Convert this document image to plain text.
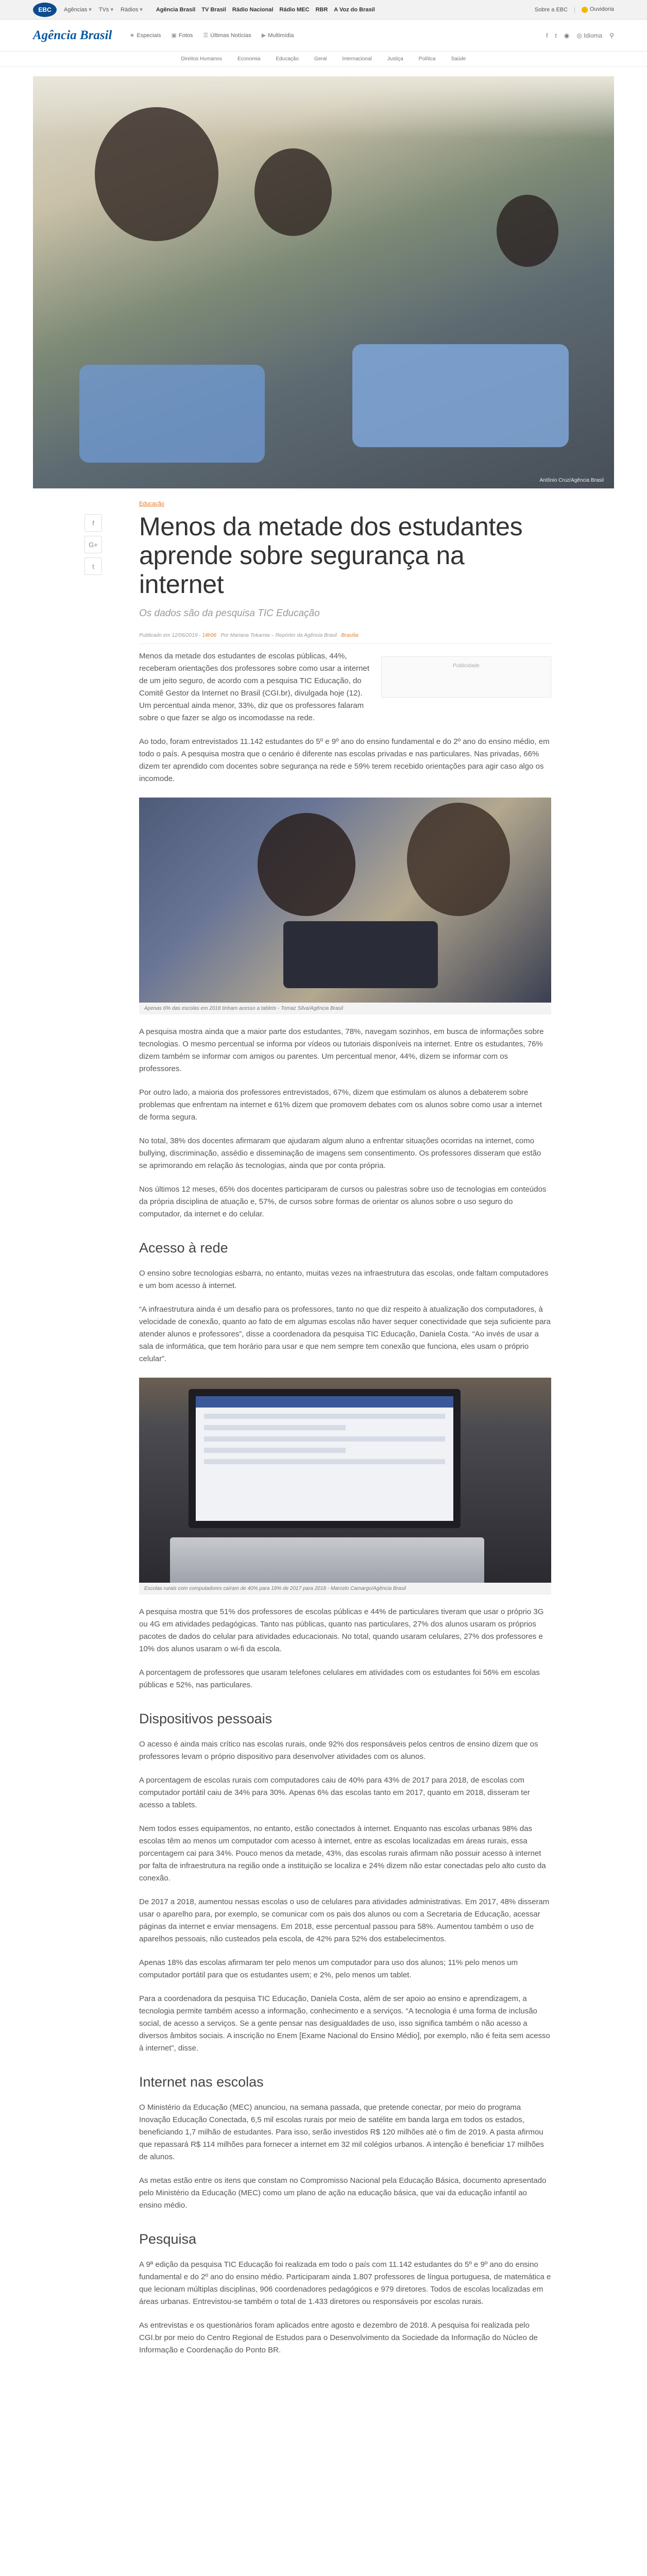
EBC	Agências ▾	TVs ▾	Rádios ▾	Agência Brasil TV Brasil Rádio Nacional Rádio MEC RBR A Voz do Brasil	Sobre a EBC |	Ouvidoria
Agência Brasil	★ Especiais ▣ Fotos ☰ Últimas Notícias ▶ Multimídia	f t ◉ ◎ Idioma ⚲
Direitos Humanos	Economia	Educação	Geral	Internacional	Justiça	Política	Saúde
Antônio Cruz/Agência Brasil
f
G+
t
Educação
Menos da metade dos estudantes aprende sobre segurança na internet
Os dados são da pesquisa TIC Educação
Publicado em 12/06/2019 - 14h06 Por Mariana Tokarnia – Repórter da Agência Brasil Brasília
Publicidade

Menos da metade dos estudantes de escolas públicas, 44%, receberam orientações dos professores sobre como usar a internet de um jeito seguro, de acordo com a pesquisa TIC Educação, do Comitê Gestor da Internet no Brasil (CGI.br), divulgada hoje (12). Um percentual ainda menor, 33%, diz que os professores falaram sobre o que fazer se algo os incomodasse na rede.

Ao todo, foram entrevistados 11.142 estudantes do 5º e 9º ano do ensino fundamental e do 2º ano do ensino médio, em todo o país. A pesquisa mostra que o cenário é diferente nas escolas privadas e nas particulares. Nas privadas, 66% dizem ter aprendido com docentes sobre segurança na rede e 59% terem recebido orientações para agir caso algo os incomode.

Apenas 6% das escolas em 2018 tinham acesso a tablets - Tomaz Silva/Agência Brasil

A pesquisa mostra ainda que a maior parte dos estudantes, 78%, navegam sozinhos, em busca de informações sobre tecnologias. O mesmo percentual se informa por vídeos ou tutoriais disponíveis na internet. Entre os estudantes, 76% dizem também se informar com amigos ou parentes. Um percentual menor, 44%, dizem se informar com os professores.

Por outro lado, a maioria dos professores entrevistados, 67%, dizem que estimulam os alunos a debaterem sobre problemas que enfrentam na internet e 61% dizem que promovem debates com os alunos sobre como usar a internet de forma segura.

No total, 38% dos docentes afirmaram que ajudaram algum aluno a enfrentar situações ocorridas na internet, como bullying, discriminação, assédio e disseminação de imagens sem consentimento. Os professores disseram que estão se aprimorando em relação às tecnologias, ainda que por conta própria.

Nos últimos 12 meses, 65% dos docentes participaram de cursos ou palestras sobre uso de tecnologias em conteúdos da própria disciplina de atuação e, 57%, de cursos sobre formas de orientar os alunos sobre o uso seguro do computador, da internet e do celular.

Acesso à rede

O ensino sobre tecnologias esbarra, no entanto, muitas vezes na infraestrutura das escolas, onde faltam computadores e um bom acesso à internet.

“A infraestrutura ainda é um desafio para os professores, tanto no que diz respeito à atualização dos computadores, à velocidade de conexão, quanto ao fato de em algumas escolas não haver sequer conectividade que seja suficiente para atender alunos e professores”, disse a coordenadora da pesquisa TIC Educação, Daniela Costa. “Ao invés de usar a sala de informática, que tem horário para usar e que nem sempre tem conexão que funciona, eles usam o próprio celular”.

Escolas rurais com computadores caíram de 40% para 19% de 2017 para 2018 - Marcelo Camargo/Agência Brasil

A pesquisa mostra que 51% dos professores de escolas públicas e 44% de particulares tiveram que usar o próprio 3G ou 4G em atividades pedagógicas. Tanto nas públicas, quanto nas particulares, 27% dos alunos usaram os próprios pacotes de dados do celular para atividades educacionais. No total, quando usaram celulares, 27% dos professores e 10% dos alunos usaram o wi-fi da escola.

A porcentagem de professores que usaram telefones celulares em atividades com os estudantes foi 56% em escolas públicas e 52%, nas particulares.

Dispositivos pessoais

O acesso é ainda mais crítico nas escolas rurais, onde 92% dos responsáveis pelos centros de ensino dizem que os professores levam o próprio dispositivo para desenvolver atividades com os alunos.

A porcentagem de escolas rurais com computadores caiu de 40% para 43% de 2017 para 2018, de escolas com computador portátil caiu de 34% para 30%. Apenas 6% das escolas tanto em 2017, quanto em 2018, disseram ter acesso a tablets.

Nem todos esses equipamentos, no entanto, estão conectados à internet. Enquanto nas escolas urbanas 98% das escolas têm ao menos um computador com acesso à internet, entre as escolas localizadas em áreas rurais, essa porcentagem cai para 34%. Pouco menos da metade, 43%, das escolas rurais afirmam não possuir acesso à internet por falta de infraestrutura na região onde a instituição se localiza e 24% dizem não estar conectadas pelo alto custo da conexão.

De 2017 a 2018, aumentou nessas escolas o uso de celulares para atividades administrativas. Em 2017, 48% disseram usar o aparelho para, por exemplo, se comunicar com os pais dos alunos ou com a Secretaria de Educação, acessar páginas da internet e enviar mensagens. Em 2018, esse percentual passou para 58%. Aumentou também o uso de aparelhos pessoais, não custeados pela escola, de 42% para 52% dos estabelecimentos.

Apenas 18% das escolas afirmaram ter pelo menos um computador para uso dos alunos; 11% pelo menos um computador portátil para que os estudantes usem; e 2%, pelo menos um tablet.

Para a coordenadora da pesquisa TIC Educação, Daniela Costa, além de ser apoio ao ensino e aprendizagem, a tecnologia permite também acesso a informação, conhecimento e a serviços. “A tecnologia é uma forma de inclusão social, de acesso a serviços. Se a gente pensar nas desigualdades de uso, isso significa também o não acesso a diversos âmbitos sociais. A inscrição no Enem [Exame Nacional do Ensino Médio], por exemplo, não é feita sem acesso à internet”, disse.

Internet nas escolas

O Ministério da Educação (MEC) anunciou, na semana passada, que pretende conectar, por meio do programa Inovação Educação Conectada, 6,5 mil escolas rurais por meio de satélite em banda larga em todos os estados, beneficiando 1,7 milhão de estudantes. Para isso, serão investidos R$ 120 milhões até o fim de 2019. A pasta afirmou que repassará R$ 114 milhões para fornecer a internet em 32 mil colégios urbanos. A intenção é beneficiar 17 milhões de alunos.

As metas estão entre os itens que constam no Compromisso Nacional pela Educação Básica, documento apresentado pelo Ministério da Educação (MEC) como um plano de ação na educação básica, que vai da educação infantil ao ensino médio.

Pesquisa

A 9ª edição da pesquisa TIC Educação foi realizada em todo o país com 11.142 estudantes do 5º e 9º ano do ensino fundamental e do 2º ano do ensino médio. Participaram ainda 1.807 professores de língua portuguesa, de matemática e que lecionam múltiplas disciplinas, 906 coordenadores pedagógicos e 979 diretores. Todos de escolas localizadas em áreas urbanas. Entrevistou-se também o total de 1.433 diretores ou responsáveis por escolas rurais.

As entrevistas e os questionários foram aplicados entre agosto e dezembro de 2018. A pesquisa foi realizada pelo CGI.br por meio do Centro Regional de Estudos para o Desenvolvimento da Sociedade da Informação do Núcleo de Informação e Coordenação do Ponto BR.
